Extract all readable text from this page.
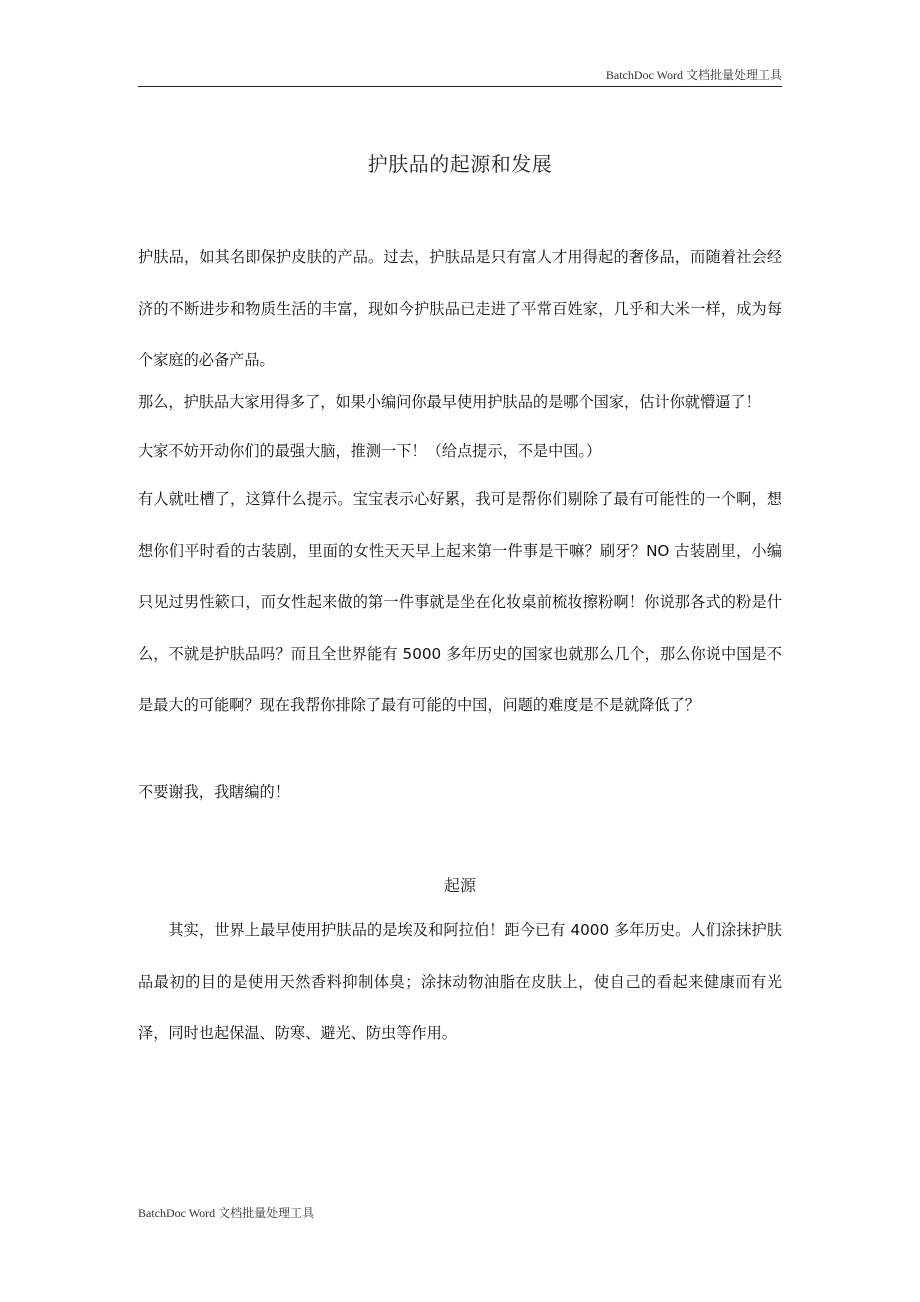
BatchDoc Word 文档批量处理工具
护肤品的起源和发展

护肤品，如其名即保护皮肤的产品。过去，护肤品是只有富人才用得起的奢侈品，而随着社会经济的不断进步和物质生活的丰富，现如今护肤品已走进了平常百姓家，几乎和大米一样，成为每个家庭的必备产品。

那么，护肤品大家用得多了，如果小编问你最早使用护肤品的是哪个国家，估计你就懵逼了！

大家不妨开动你们的最强大脑，推测一下！（给点提示，不是中国。）

有人就吐槽了，这算什么提示。宝宝表示心好累，我可是帮你们剔除了最有可能性的一个啊，想想你们平时看的古装剧，里面的女性天天早上起来第一件事是干嘛？刷牙？NO 古装剧里，小编只见过男性簌口，而女性起来做的第一件事就是坐在化妆桌前梳妆擦粉啊！你说那各式的粉是什么，不就是护肤品吗？而且全世界能有 5000 多年历史的国家也就那么几个，那么你说中国是不是最大的可能啊？现在我帮你排除了最有可能的中国，问题的难度是不是就降低了？

不要谢我，我瞎编的！

起源

其实，世界上最早使用护肤品的是埃及和阿拉伯！距今已有 4000 多年历史。人们涂抹护肤品最初的目的是使用天然香料抑制体臭；涂抹动物油脂在皮肤上，使自己的看起来健康而有光泽，同时也起保温、防寒、避光、防虫等作用。

BatchDoc Word 文档批量处理工具
